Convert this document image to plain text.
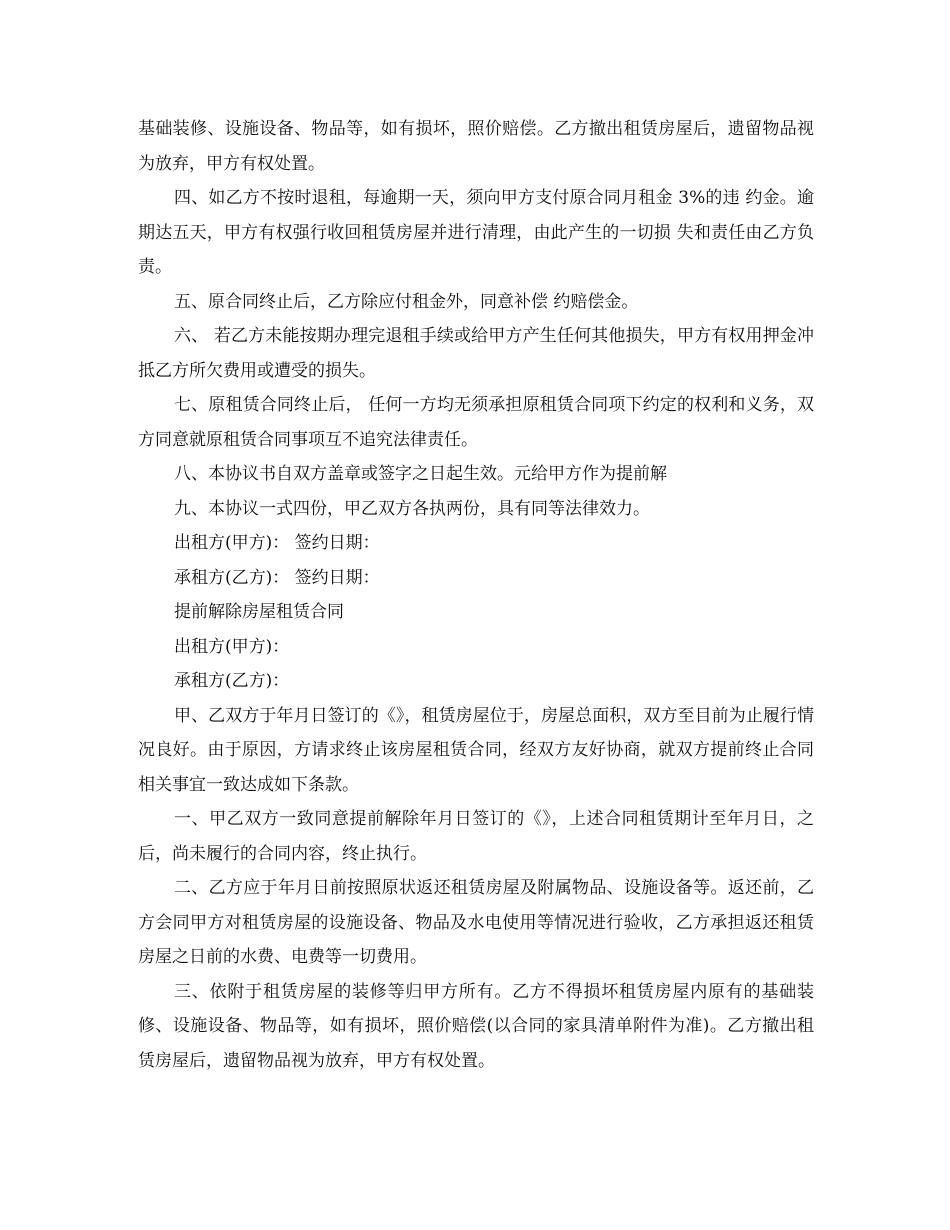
基础装修、设施设备、物品等，如有损坏，照价赔偿。乙方撤出租赁房屋后，遗留物品视为放弃，甲方有权处置。

四、如乙方不按时退租，每逾期一天，须向甲方支付原合同月租金 3%的违 约金。逾期达五天，甲方有权强行收回租赁房屋并进行清理，由此产生的一切损 失和责任由乙方负责。

五、原合同终止后，乙方除应付租金外，同意补偿 约赔偿金。

六、 若乙方未能按期办理完退租手续或给甲方产生任何其他损失，甲方有权用押金冲抵乙方所欠费用或遭受的损失。

七、原租赁合同终止后， 任何一方均无须承担原租赁合同项下约定的权利和义务，双方同意就原租赁合同事项互不追究法律责任。

八、本协议书自双方盖章或签字之日起生效。元给甲方作为提前解

九、本协议一式四份，甲乙双方各执两份，具有同等法律效力。

出租方(甲方)： 签约日期：

承租方(乙方)： 签约日期：

提前解除房屋租赁合同

出租方(甲方)：

承租方(乙方)：

甲、乙双方于年月日签订的《》，租赁房屋位于，房屋总面积，双方至目前为止履行情况良好。由于原因，方请求终止该房屋租赁合同，经双方友好协商，就双方提前终止合同相关事宜一致达成如下条款。

一、甲乙双方一致同意提前解除年月日签订的《》，上述合同租赁期计至年月日，之后，尚未履行的合同内容，终止执行。

二、乙方应于年月日前按照原状返还租赁房屋及附属物品、设施设备等。返还前，乙方会同甲方对租赁房屋的设施设备、物品及水电使用等情况进行验收，乙方承担返还租赁房屋之日前的水费、电费等一切费用。

三、依附于租赁房屋的装修等归甲方所有。乙方不得损坏租赁房屋内原有的基础装修、设施设备、物品等，如有损坏，照价赔偿(以合同的家具清单附件为准)。乙方撤出租赁房屋后，遗留物品视为放弃，甲方有权处置。
